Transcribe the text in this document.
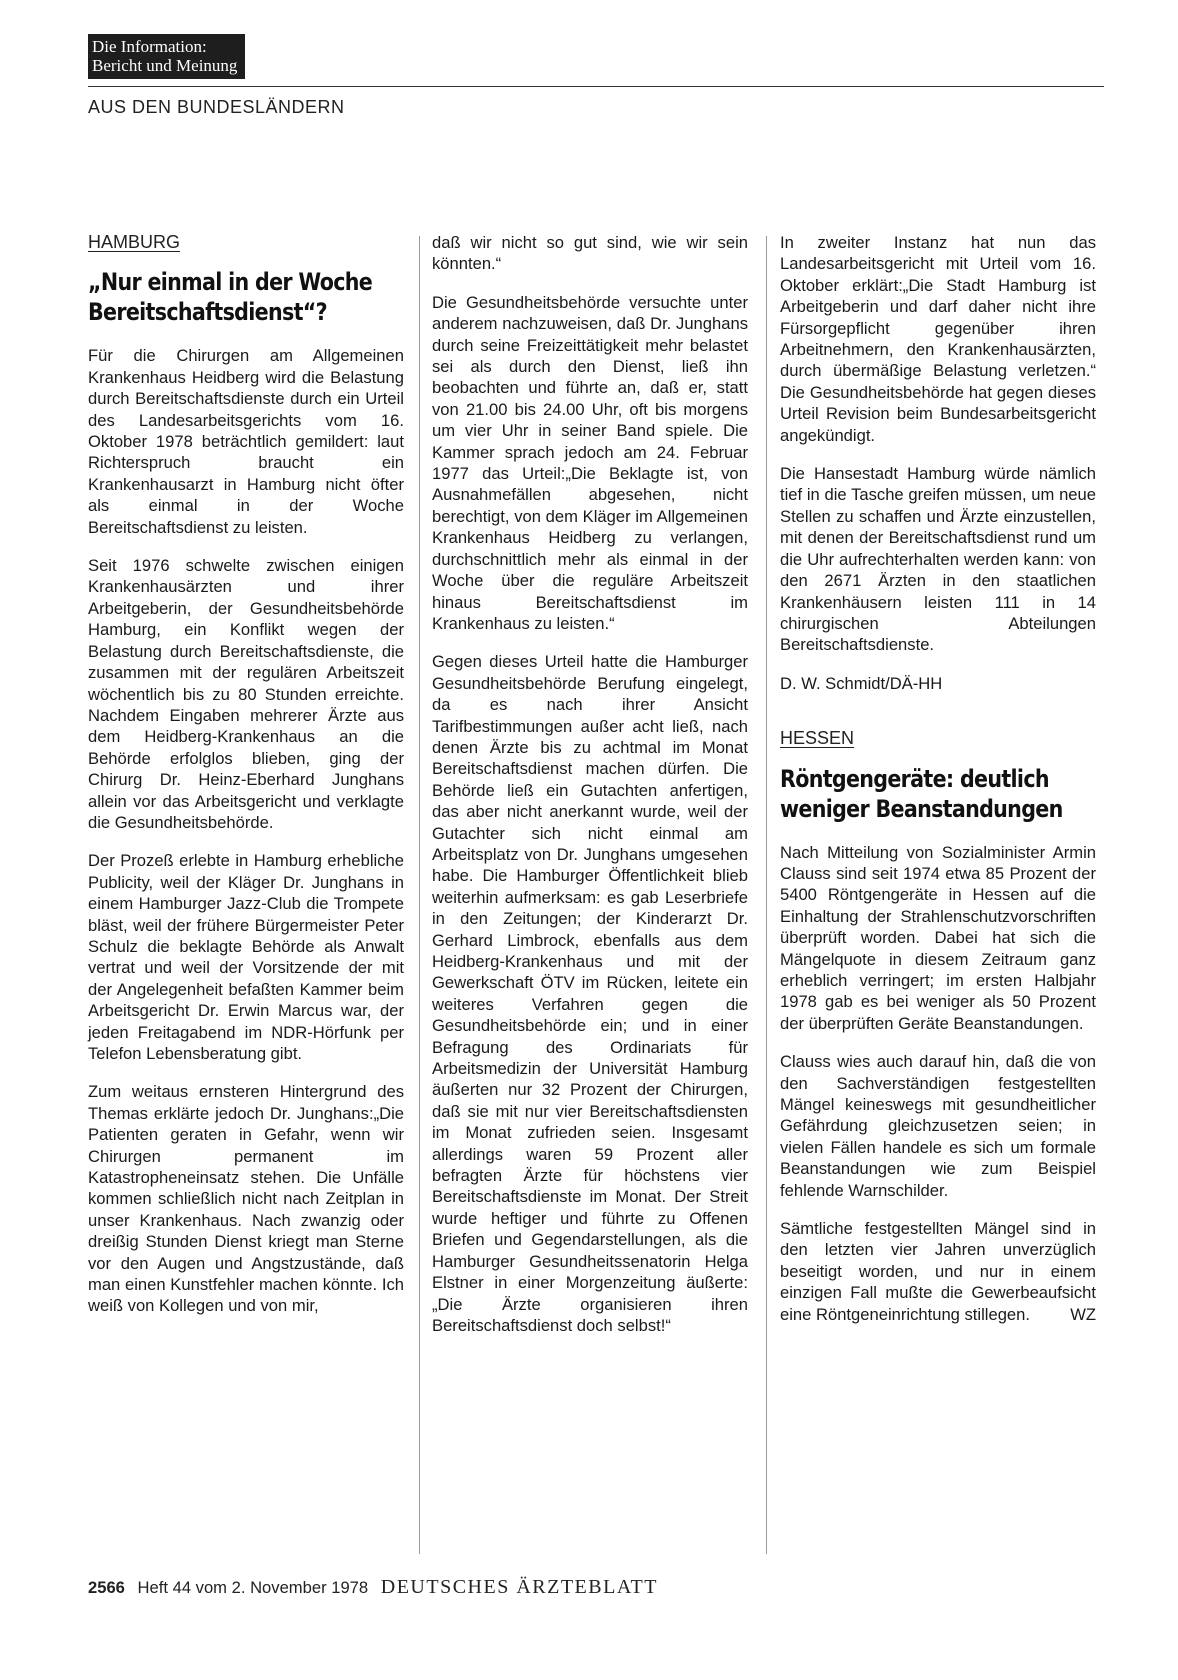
Die Information:
Bericht und Meinung
AUS DEN BUNDESLÄNDERN
HAMBURG
„Nur einmal in der Woche Bereitschaftsdienst“?

Für die Chirurgen am Allgemeinen Krankenhaus Heidberg wird die Belastung durch Bereitschaftsdienste durch ein Urteil des Landesarbeitsgerichts vom 16. Oktober 1978 beträchtlich gemildert: laut Richterspruch braucht ein Krankenhausarzt in Hamburg nicht öfter als einmal in der Woche Bereitschaftsdienst zu leisten.

Seit 1976 schwelte zwischen einigen Krankenhausärzten und ihrer Arbeitgeberin, der Gesundheitsbehörde Hamburg, ein Konflikt wegen der Belastung durch Bereitschaftsdienste, die zusammen mit der regulären Arbeitszeit wöchentlich bis zu 80 Stunden erreichte. Nachdem Eingaben mehrerer Ärzte aus dem Heidberg-Krankenhaus an die Behörde erfolglos blieben, ging der Chirurg Dr. Heinz-Eberhard Junghans allein vor das Arbeitsgericht und verklagte die Gesundheitsbehörde.

Der Prozeß erlebte in Hamburg erhebliche Publicity, weil der Kläger Dr. Junghans in einem Hamburger Jazz-Club die Trompete bläst, weil der frühere Bürgermeister Peter Schulz die beklagte Behörde als Anwalt vertrat und weil der Vorsitzende der mit der Angelegenheit befaßten Kammer beim Arbeitsgericht Dr. Erwin Marcus war, der jeden Freitagabend im NDR-Hörfunk per Telefon Lebensberatung gibt.

Zum weitaus ernsteren Hintergrund des Themas erklärte jedoch Dr. Junghans:„Die Patienten geraten in Gefahr, wenn wir Chirurgen permanent im Katastropheneinsatz stehen. Die Unfälle kommen schließlich nicht nach Zeitplan in unser Krankenhaus. Nach zwanzig oder dreißig Stunden Dienst kriegt man Sterne vor den Augen und Angstzustände, daß man einen Kunstfehler machen könnte. Ich weiß von Kollegen und von mir,

daß wir nicht so gut sind, wie wir sein könnten.“

Die Gesundheitsbehörde versuchte unter anderem nachzuweisen, daß Dr. Junghans durch seine Freizeittätigkeit mehr belastet sei als durch den Dienst, ließ ihn beobachten und führte an, daß er, statt von 21.00 bis 24.00 Uhr, oft bis morgens um vier Uhr in seiner Band spiele. Die Kammer sprach jedoch am 24. Februar 1977 das Urteil:„Die Beklagte ist, von Ausnahmefällen abgesehen, nicht berechtigt, von dem Kläger im Allgemeinen Krankenhaus Heidberg zu verlangen, durchschnittlich mehr als einmal in der Woche über die reguläre Arbeitszeit hinaus Bereitschaftsdienst im Krankenhaus zu leisten.“

Gegen dieses Urteil hatte die Hamburger Gesundheitsbehörde Berufung eingelegt, da es nach ihrer Ansicht Tarifbestimmungen außer acht ließ, nach denen Ärzte bis zu achtmal im Monat Bereitschaftsdienst machen dürfen. Die Behörde ließ ein Gutachten anfertigen, das aber nicht anerkannt wurde, weil der Gutachter sich nicht einmal am Arbeitsplatz von Dr. Junghans umgesehen habe. Die Hamburger Öffentlichkeit blieb weiterhin aufmerksam: es gab Leserbriefe in den Zeitungen; der Kinderarzt Dr. Gerhard Limbrock, ebenfalls aus dem Heidberg-Krankenhaus und mit der Gewerkschaft ÖTV im Rücken, leitete ein weiteres Verfahren gegen die Gesundheitsbehörde ein; und in einer Befragung des Ordinariats für Arbeitsmedizin der Universität Hamburg äußerten nur 32 Prozent der Chirurgen, daß sie mit nur vier Bereitschaftsdiensten im Monat zufrieden seien. Insgesamt allerdings waren 59 Prozent aller befragten Ärzte für höchstens vier Bereitschaftsdienste im Monat. Der Streit wurde heftiger und führte zu Offenen Briefen und Gegendarstellungen, als die Hamburger Gesundheitssenatorin Helga Elstner in einer Morgenzeitung äußerte:„Die Ärzte organisieren ihren Bereitschaftsdienst doch selbst!“

In zweiter Instanz hat nun das Landesarbeitsgericht mit Urteil vom 16. Oktober erklärt:„Die Stadt Hamburg ist Arbeitgeberin und darf daher nicht ihre Fürsorgepflicht gegenüber ihren Arbeitnehmern, den Krankenhausärzten, durch übermäßige Belastung verletzen.“ Die Gesundheitsbehörde hat gegen dieses Urteil Revision beim Bundesarbeitsgericht angekündigt.

Die Hansestadt Hamburg würde nämlich tief in die Tasche greifen müssen, um neue Stellen zu schaffen und Ärzte einzustellen, mit denen der Bereitschaftsdienst rund um die Uhr aufrechterhalten werden kann: von den 2671 Ärzten in den staatlichen Krankenhäusern leisten 111 in 14 chirurgischen Abteilungen Bereitschaftsdienste.

D. W. Schmidt/DÄ-HH

HESSEN
Röntgengeräte: deutlich weniger Beanstandungen

Nach Mitteilung von Sozialminister Armin Clauss sind seit 1974 etwa 85 Prozent der 5400 Röntgengeräte in Hessen auf die Einhaltung der Strahlenschutzvorschriften überprüft worden. Dabei hat sich die Mängelquote in diesem Zeitraum ganz erheblich verringert; im ersten Halbjahr 1978 gab es bei weniger als 50 Prozent der überprüften Geräte Beanstandungen.

Clauss wies auch darauf hin, daß die von den Sachverständigen festgestellten Mängel keineswegs mit gesundheitlicher Gefährdung gleichzusetzen seien; in vielen Fällen handele es sich um formale Beanstandungen wie zum Beispiel fehlende Warnschilder.

Sämtliche festgestellten Mängel sind in den letzten vier Jahren unverzüglich beseitigt worden, und nur in einem einzigen Fall mußte die Gewerbeaufsicht eine Röntgeneinrichtung stillegen. WZ

2566 Heft 44 vom 2. November 1978 DEUTSCHES ÄRZTEBLATT
